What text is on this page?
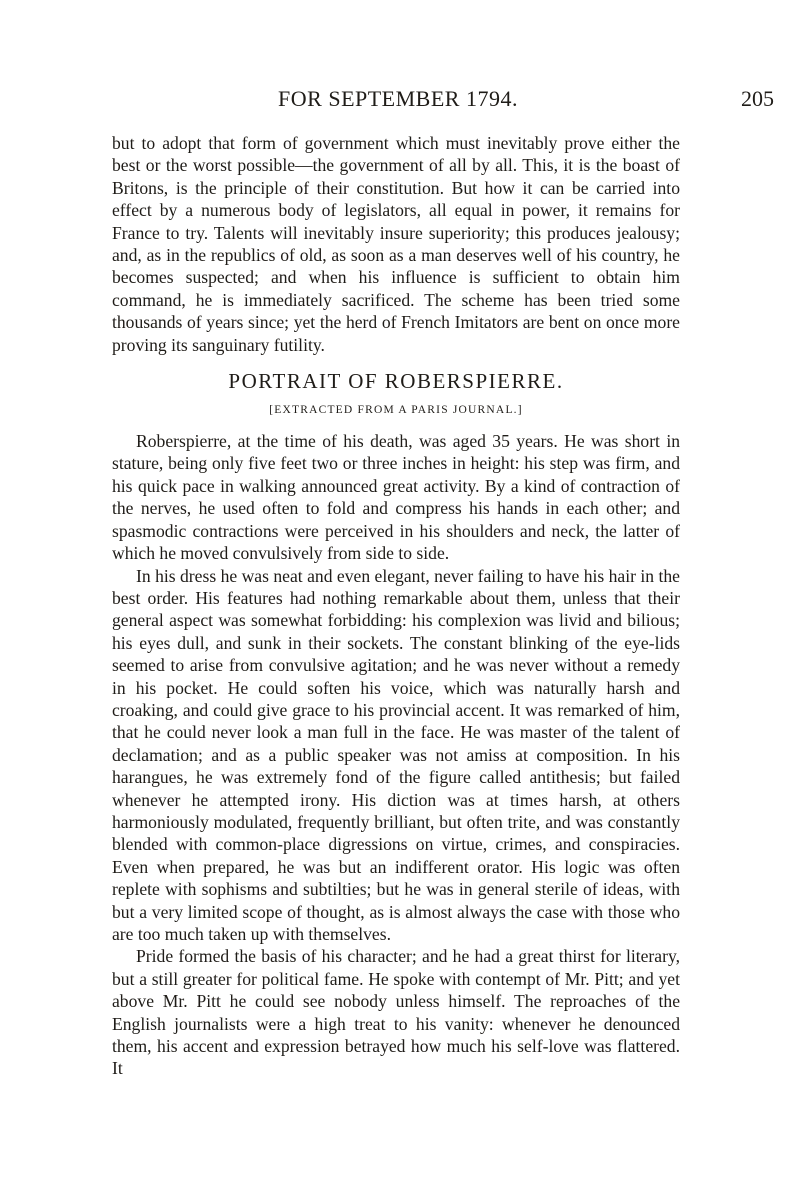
FOR SEPTEMBER 1794.	205

but to adopt that form of government which must inevitably prove either the best or the worst possible—the government of all by all. This, it is the boast of Britons, is the principle of their constitution. But how it can be carried into effect by a numerous body of legislators, all equal in power, it remains for France to try. Talents will inevitably insure superiority; this produces jealousy; and, as in the republics of old, as soon as a man deserves well of his country, he becomes suspected; and when his influence is sufficient to obtain him command, he is immediately sacrificed. The scheme has been tried some thousands of years since; yet the herd of French Imitators are bent on once more proving its sanguinary futility.

PORTRAIT OF ROBERSPIERRE.
[EXTRACTED FROM A PARIS JOURNAL.]

Roberspierre, at the time of his death, was aged 35 years. He was short in stature, being only five feet two or three inches in height: his step was firm, and his quick pace in walking announced great activity. By a kind of contraction of the nerves, he used often to fold and compress his hands in each other; and spasmodic contractions were perceived in his shoulders and neck, the latter of which he moved convulsively from side to side.

In his dress he was neat and even elegant, never failing to have his hair in the best order. His features had nothing remarkable about them, unless that their general aspect was somewhat forbidding: his complexion was livid and bilious; his eyes dull, and sunk in their sockets. The constant blinking of the eye-lids seemed to arise from convulsive agitation; and he was never without a remedy in his pocket. He could soften his voice, which was naturally harsh and croaking, and could give grace to his provincial accent. It was remarked of him, that he could never look a man full in the face. He was master of the talent of declamation; and as a public speaker was not amiss at composition. In his harangues, he was extremely fond of the figure called antithesis; but failed whenever he attempted irony. His diction was at times harsh, at others harmoniously modulated, frequently brilliant, but often trite, and was constantly blended with common-place digressions on virtue, crimes, and conspiracies. Even when prepared, he was but an indifferent orator. His logic was often replete with sophisms and subtilties; but he was in general sterile of ideas, with but a very limited scope of thought, as is almost always the case with those who are too much taken up with themselves.

Pride formed the basis of his character; and he had a great thirst for literary, but a still greater for political fame. He spoke with contempt of Mr. Pitt; and yet above Mr. Pitt he could see nobody unless himself. The reproaches of the English journalists were a high treat to his vanity: whenever he denounced them, his accent and expression betrayed how much his self-love was flattered. It
